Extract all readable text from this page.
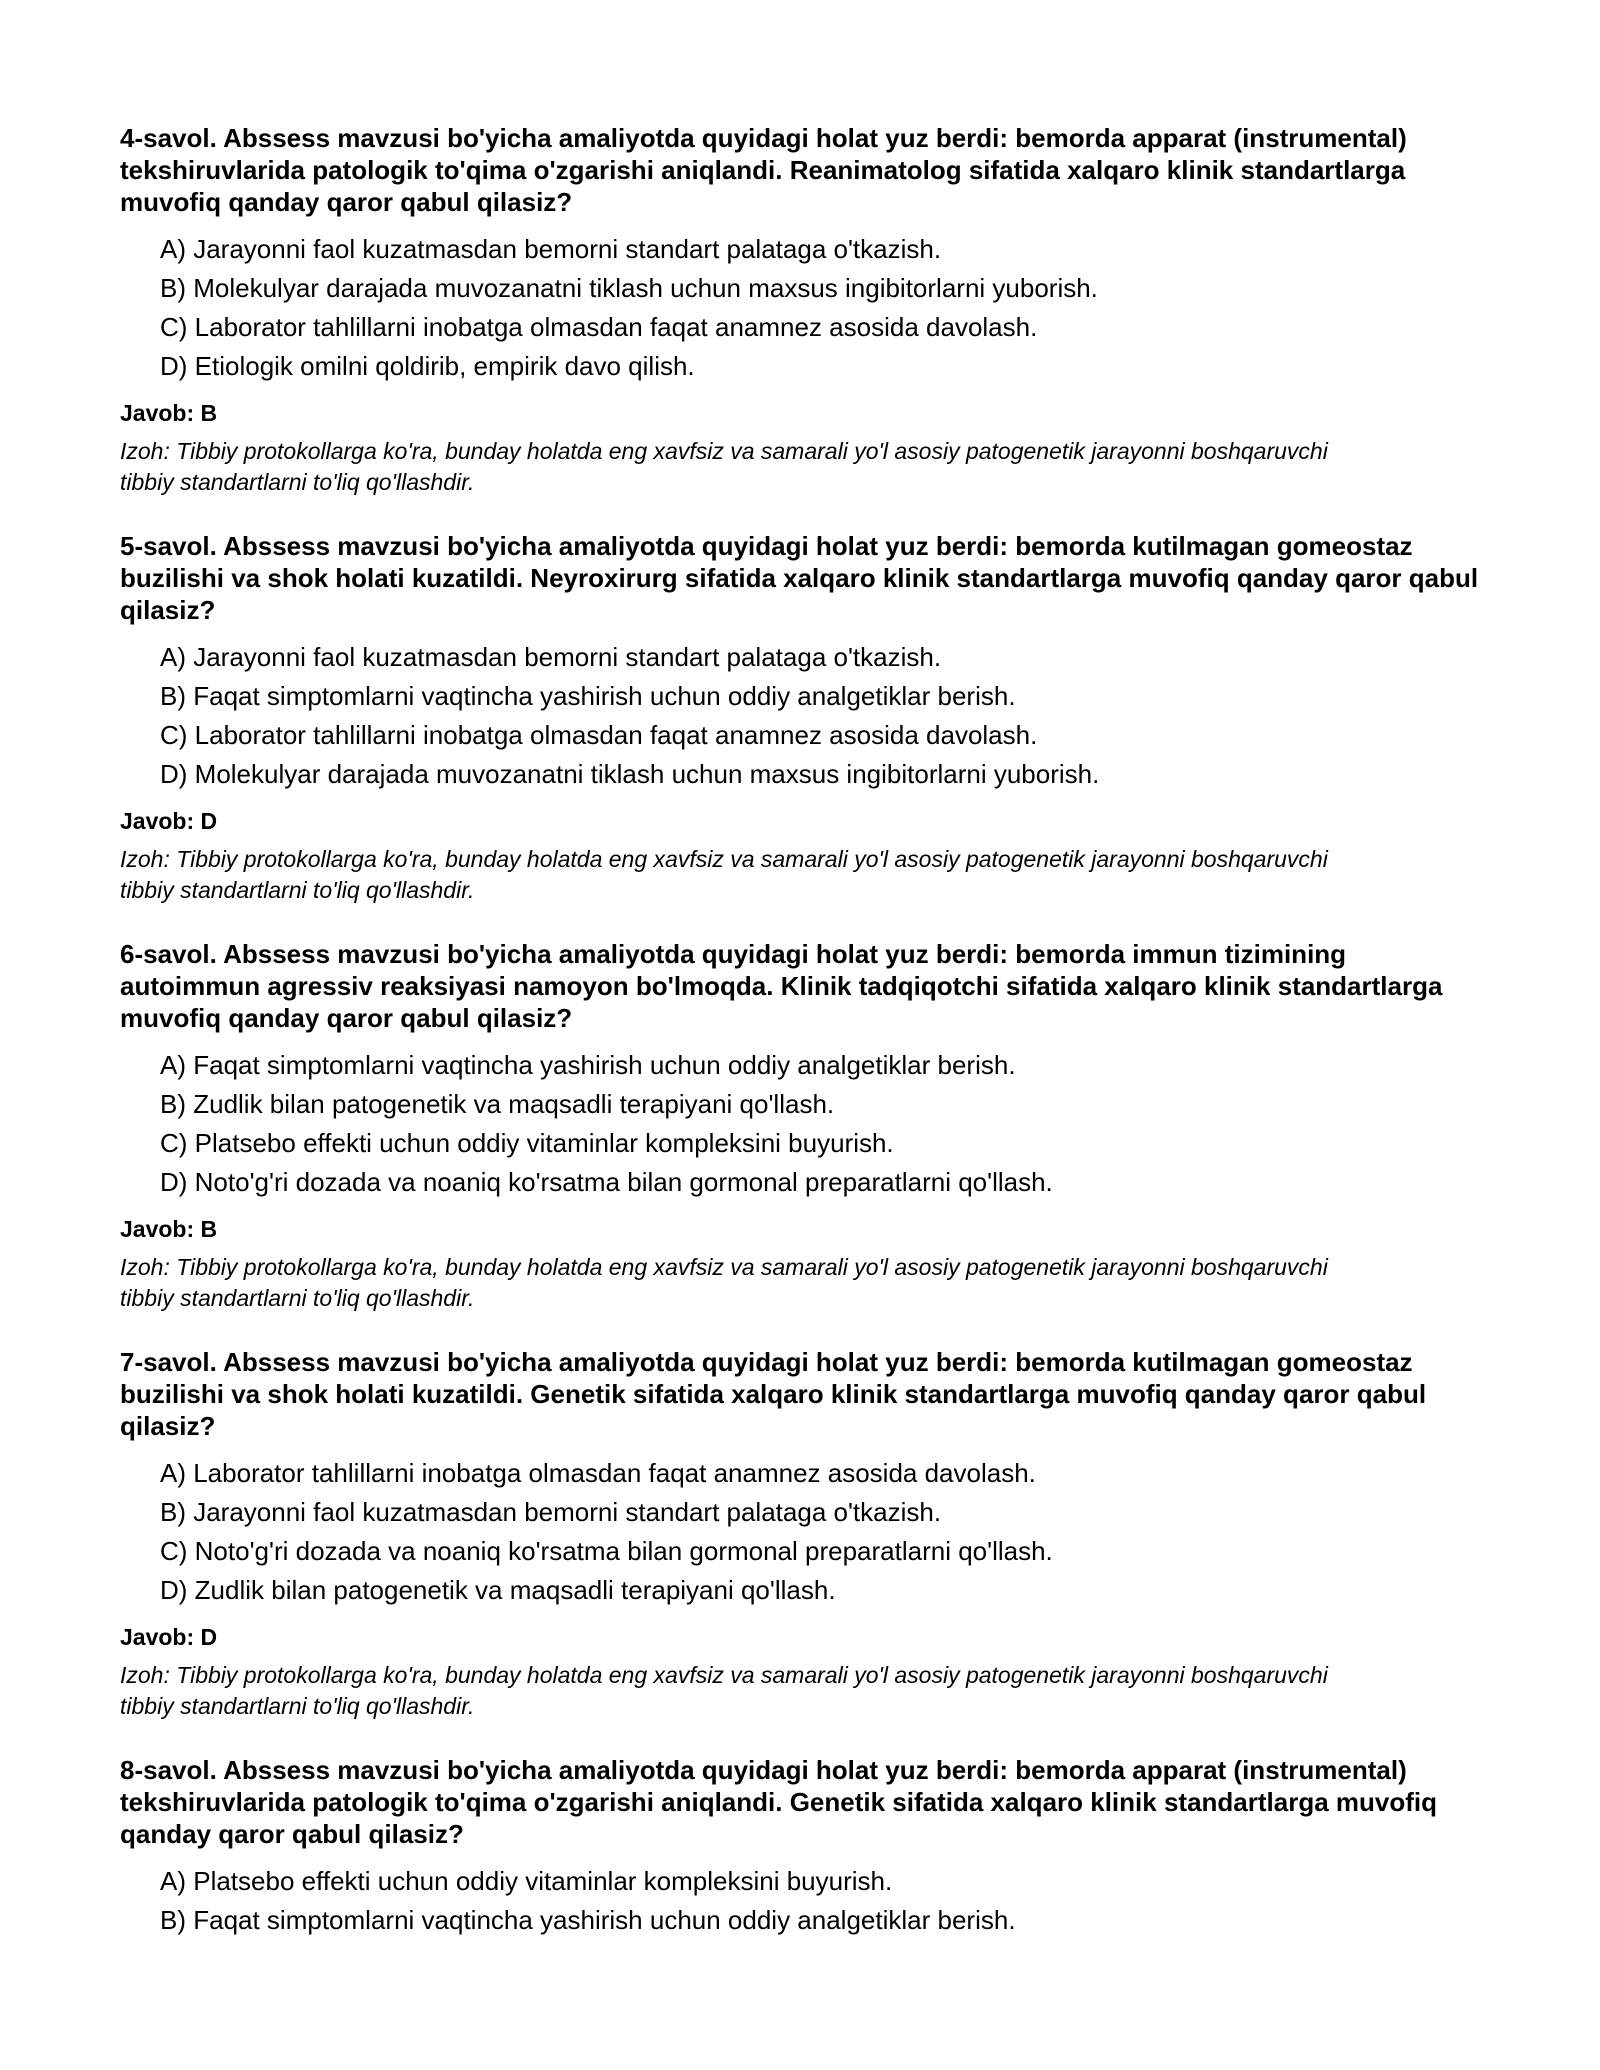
4-savol. Abssess mavzusi bo'yicha amaliyotda quyidagi holat yuz berdi: bemorda apparat (instrumental) tekshiruvlarida patologik to'qima o'zgarishi aniqlandi. Reanimatolog sifatida xalqaro klinik standartlarga muvofiq qanday qaror qabul qilasiz?
A) Jarayonni faol kuzatmasdan bemorni standart palataga o'tkazish.
B) Molekulyar darajada muvozanatni tiklash uchun maxsus ingibitorlarni yuborish.
C) Laborator tahlillarni inobatga olmasdan faqat anamnez asosida davolash.
D) Etiologik omilni qoldirib, empirik davo qilish.
Javob: B
Izoh: Tibbiy protokollarga ko'ra, bunday holatda eng xavfsiz va samarali yo'l asosiy patogenetik jarayonni boshqaruvchi tibbiy standartlarni to'liq qo'llashdir.
5-savol. Abssess mavzusi bo'yicha amaliyotda quyidagi holat yuz berdi: bemorda kutilmagan gomeostaz buzilishi va shok holati kuzatildi. Neyroxirurg sifatida xalqaro klinik standartlarga muvofiq qanday qaror qabul qilasiz?
A) Jarayonni faol kuzatmasdan bemorni standart palataga o'tkazish.
B) Faqat simptomlarni vaqtincha yashirish uchun oddiy analgetiklar berish.
C) Laborator tahlillarni inobatga olmasdan faqat anamnez asosida davolash.
D) Molekulyar darajada muvozanatni tiklash uchun maxsus ingibitorlarni yuborish.
Javob: D
Izoh: Tibbiy protokollarga ko'ra, bunday holatda eng xavfsiz va samarali yo'l asosiy patogenetik jarayonni boshqaruvchi tibbiy standartlarni to'liq qo'llashdir.
6-savol. Abssess mavzusi bo'yicha amaliyotda quyidagi holat yuz berdi: bemorda immun tizimining autoimmun agressiv reaksiyasi namoyon bo'lmoqda. Klinik tadqiqotchi sifatida xalqaro klinik standartlarga muvofiq qanday qaror qabul qilasiz?
A) Faqat simptomlarni vaqtincha yashirish uchun oddiy analgetiklar berish.
B) Zudlik bilan patogenetik va maqsadli terapiyani qo'llash.
C) Platsebo effekti uchun oddiy vitaminlar kompleksini buyurish.
D) Noto'g'ri dozada va noaniq ko'rsatma bilan gormonal preparatlarni qo'llash.
Javob: B
Izoh: Tibbiy protokollarga ko'ra, bunday holatda eng xavfsiz va samarali yo'l asosiy patogenetik jarayonni boshqaruvchi tibbiy standartlarni to'liq qo'llashdir.
7-savol. Abssess mavzusi bo'yicha amaliyotda quyidagi holat yuz berdi: bemorda kutilmagan gomeostaz buzilishi va shok holati kuzatildi. Genetik sifatida xalqaro klinik standartlarga muvofiq qanday qaror qabul qilasiz?
A) Laborator tahlillarni inobatga olmasdan faqat anamnez asosida davolash.
B) Jarayonni faol kuzatmasdan bemorni standart palataga o'tkazish.
C) Noto'g'ri dozada va noaniq ko'rsatma bilan gormonal preparatlarni qo'llash.
D) Zudlik bilan patogenetik va maqsadli terapiyani qo'llash.
Javob: D
Izoh: Tibbiy protokollarga ko'ra, bunday holatda eng xavfsiz va samarali yo'l asosiy patogenetik jarayonni boshqaruvchi tibbiy standartlarni to'liq qo'llashdir.
8-savol. Abssess mavzusi bo'yicha amaliyotda quyidagi holat yuz berdi: bemorda apparat (instrumental) tekshiruvlarida patologik to'qima o'zgarishi aniqlandi. Genetik sifatida xalqaro klinik standartlarga muvofiq qanday qaror qabul qilasiz?
A) Platsebo effekti uchun oddiy vitaminlar kompleksini buyurish.
B) Faqat simptomlarni vaqtincha yashirish uchun oddiy analgetiklar berish.
